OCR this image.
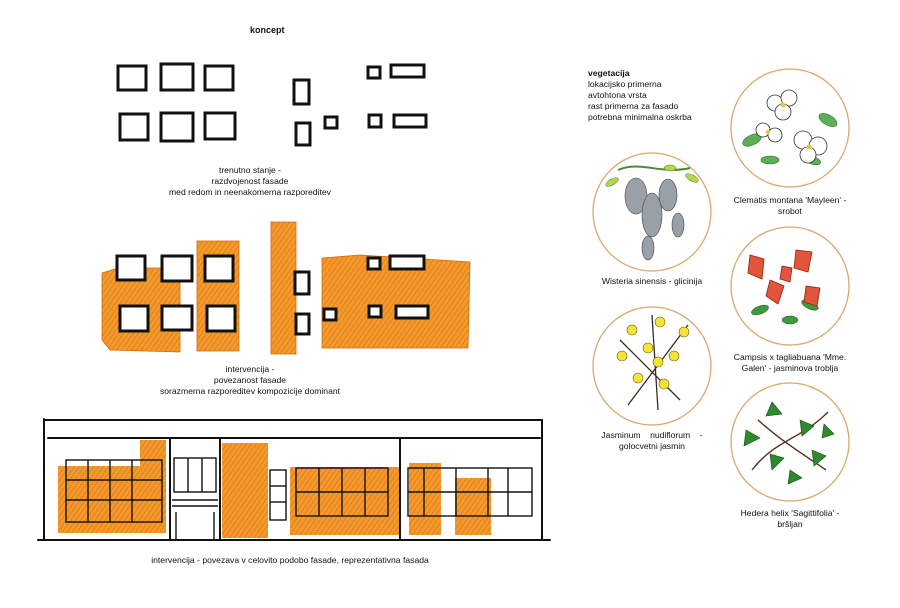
koncept
trenutno stanje -
razdvojenost fasade
med redom in neenakomerna razporeditev
intervencija -
povezanost fasade
sorazmerna razporeditev kompozicije dominant
intervencija - povezava v celovito podobo fasade, reprezentativna fasada
vegetacija
lokacijsko primerna
avtohtona vrsta
rast primerna za fasado
potrebna minimalna oskrba
Clematis montana 'Mayleen' -
srobot
Wisteria sinensis - glicinija
Campsis x tagliabuana 'Mme.
Galen' - jasminova troblja
Jasminum    nudiflorum    -
golocvetni jasmin
Hedera helix 'Sagittifolia' -
bršljan
